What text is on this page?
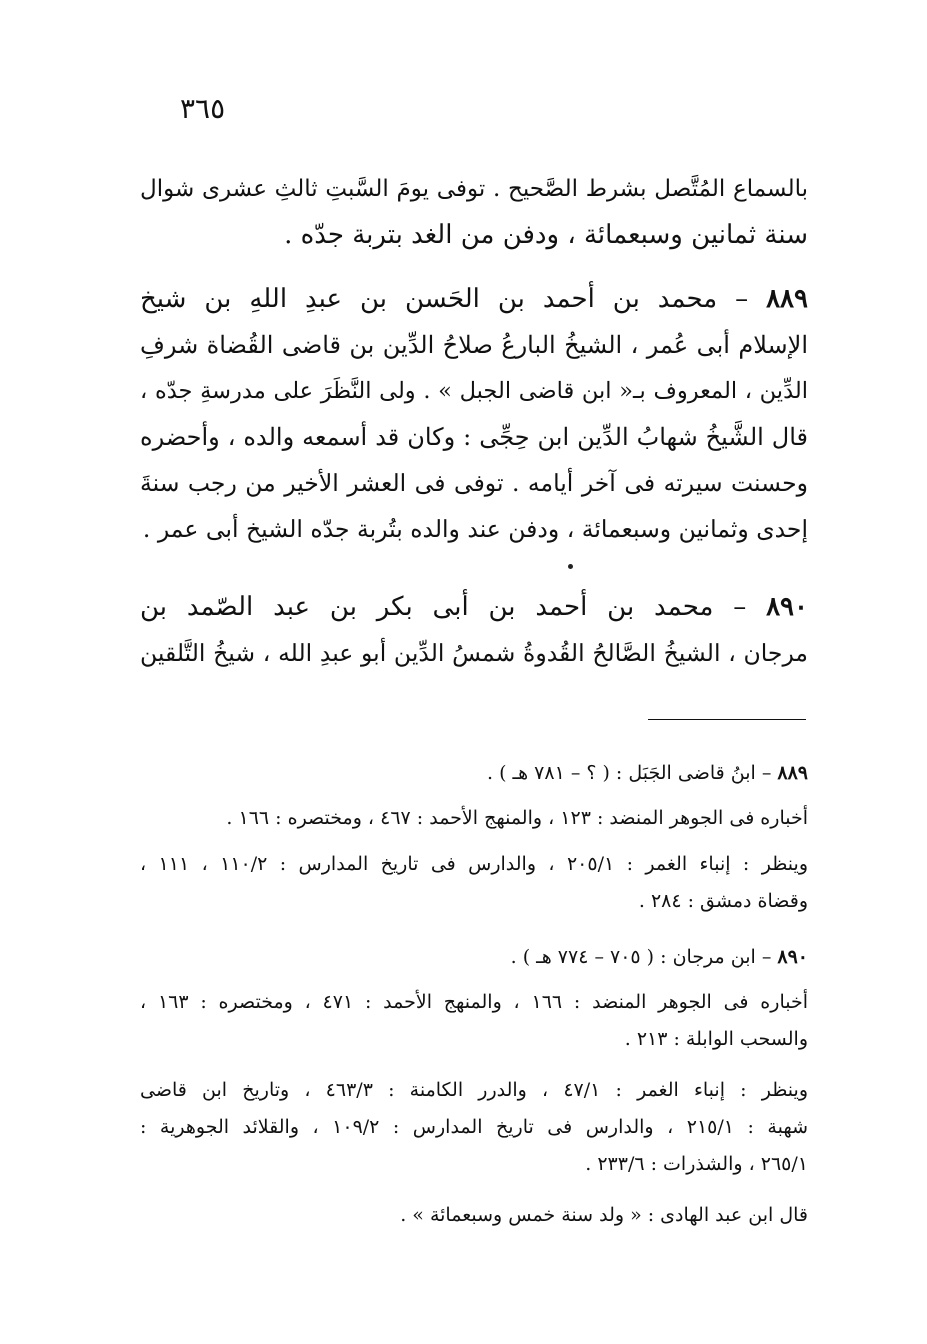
٣٦٥
بالسماع المُتَّصل بشرط الصَّحيح . توفى يومَ السَّبتِ ثالثِ عشرى شوال
سنة ثمانين وسبعمائة ، ودفن من الغد بتربة جدّه .
٨٨٩ – محمد بن أحمد بن الحَسن بن عبدِ اللهِ بن شيخ
الإسلام أبى عُمر ، الشيخُ البارعُ صلاحُ الدِّين بن قاضى القُضاة شرفِ
الدِّين ، المعروف بـ« ابن قاضى الجبل » . ولى النَّظَرَ على مدرسةِ جدّه ،
قال الشَّيخُ شهابُ الدِّين ابن حِجِّى : وكان قد أسمعه والده ، وأحضره
وحسنت سيرته فى آخر أيامه . توفى فى العشر الأخير من رجب سنةَ
إحدى وثمانين وسبعمائة ، ودفن عند والده بتُربة جدّه الشيخ أبى عمر .
٨٩٠ – محمد بن أحمد بن أبى بكر بن عبد الصّمد بن
مرجان ، الشيخُ الصَّالحُ القُدوةُ شمسُ الدِّين أبو عبدِ الله ، شيخُ التَّلقين
٨٨٩ – ابنُ قاضى الجَبَل : ( ؟ – ٧٨١ هـ ) .
أخباره فى الجوهر المنضد : ١٢٣ ، والمنهج الأحمد : ٤٦٧ ، ومختصره : ١٦٦ .
وينظر : إنباء الغمر : ٢٠٥/١ ، والدارس فى تاريخ المدارس : ١١٠/٢ ، ١١١ ،
وقضاة دمشق : ٢٨٤ .
٨٩٠ – ابن مرجان : ( ٧٠٥ – ٧٧٤ هـ ) .
أخباره فى الجوهر المنضد : ١٦٦ ، والمنهج الأحمد : ٤٧١ ، ومختصره : ١٦٣ ،
والسحب الوابلة : ٢١٣ .
وينظر : إنباء الغمر : ٤٧/١ ، والدرر الكامنة : ٤٦٣/٣ ، وتاريخ ابن قاضى
شهبة : ٢١٥/١ ، والدارس فى تاريخ المدارس : ١٠٩/٢ ، والقلائد الجوهرية :
٢٦٥/١ ، والشذرات : ٢٣٣/٦ .
قال ابن عبد الهادى : « ولد سنة خمس وسبعمائة » .
